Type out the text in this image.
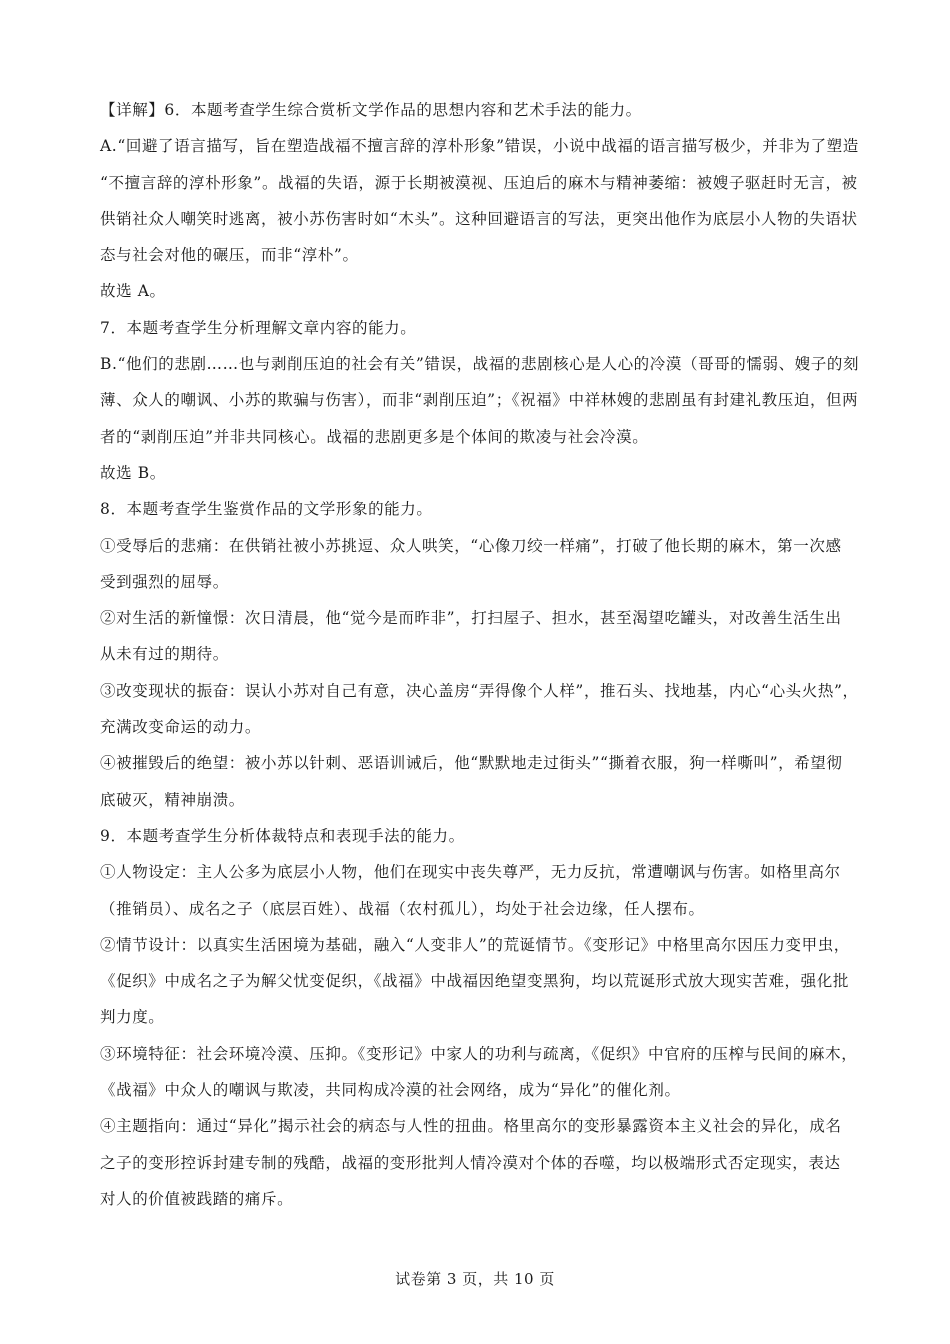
【详解】6．本题考查学生综合赏析文学作品的思想内容和艺术手法的能力。
A.“回避了语言描写，旨在塑造战福不擅言辞的淳朴形象”错误，小说中战福的语言描写极少，并非为了塑造
“不擅言辞的淳朴形象”。战福的失语，源于长期被漠视、压迫后的麻木与精神萎缩：被嫂子驱赶时无言，被
供销社众人嘲笑时逃离，被小苏伤害时如“木头”。这种回避语言的写法，更突出他作为底层小人物的失语状
态与社会对他的碾压，而非“淳朴”。
故选 A。
7．本题考查学生分析理解文章内容的能力。
B.“他们的悲剧……也与剥削压迫的社会有关”错误，战福的悲剧核心是人心的冷漠（哥哥的懦弱、嫂子的刻
薄、众人的嘲讽、小苏的欺骗与伤害），而非“剥削压迫”；《祝福》中祥林嫂的悲剧虽有封建礼教压迫，但两
者的“剥削压迫”并非共同核心。战福的悲剧更多是个体间的欺凌与社会冷漠。
故选 B。
8．本题考查学生鉴赏作品的文学形象的能力。
①受辱后的悲痛：在供销社被小苏挑逗、众人哄笑，“心像刀绞一样痛”，打破了他长期的麻木，第一次感
受到强烈的屈辱。
②对生活的新憧憬：次日清晨，他“觉今是而昨非”，打扫屋子、担水，甚至渴望吃罐头，对改善生活生出
从未有过的期待。
③改变现状的振奋：误认小苏对自己有意，决心盖房“弄得像个人样”，推石头、找地基，内心“心头火热”，
充满改变命运的动力。
④被摧毁后的绝望：被小苏以针刺、恶语训诫后，他“默默地走过街头”“撕着衣服，狗一样嘶叫”，希望彻
底破灭，精神崩溃。
9．本题考查学生分析体裁特点和表现手法的能力。
①人物设定：主人公多为底层小人物，他们在现实中丧失尊严，无力反抗，常遭嘲讽与伤害。如格里高尔
（推销员）、成名之子（底层百姓）、战福（农村孤儿），均处于社会边缘，任人摆布。
②情节设计：以真实生活困境为基础，融入“人变非人”的荒诞情节。《变形记》中格里高尔因压力变甲虫，
《促织》中成名之子为解父忧变促织，《战福》中战福因绝望变黑狗，均以荒诞形式放大现实苦难，强化批
判力度。
③环境特征：社会环境冷漠、压抑。《变形记》中家人的功利与疏离，《促织》中官府的压榨与民间的麻木，
《战福》中众人的嘲讽与欺凌，共同构成冷漠的社会网络，成为“异化”的催化剂。
④主题指向：通过“异化”揭示社会的病态与人性的扭曲。格里高尔的变形暴露资本主义社会的异化，成名
之子的变形控诉封建专制的残酷，战福的变形批判人情冷漠对个体的吞噬，均以极端形式否定现实，表达
对人的价值被践踏的痛斥。
试卷第 3 页，共 10 页
